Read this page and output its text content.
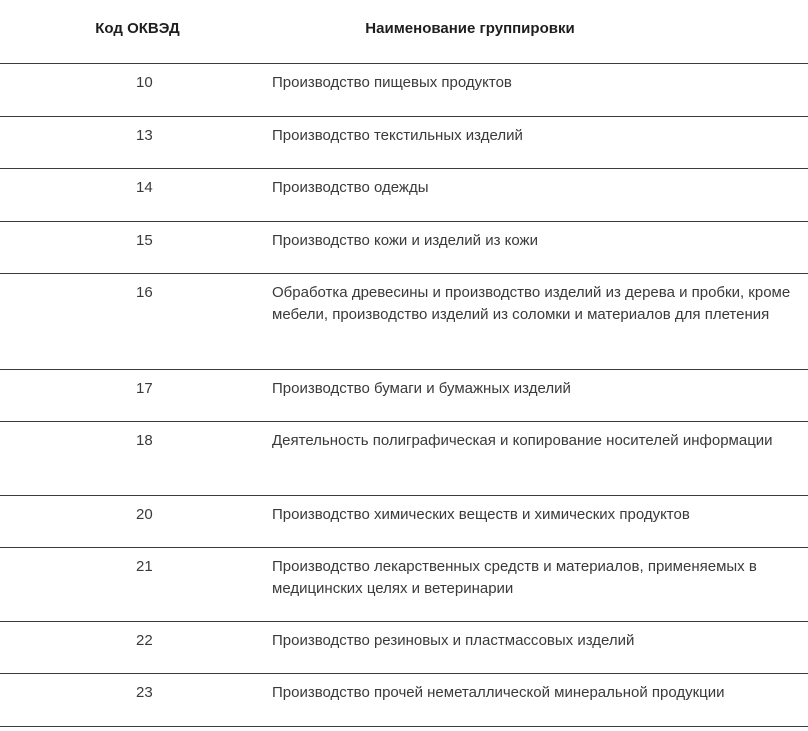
Код ОКВЭД	Наименование группировки
10	Производство пищевых продуктов
13	Производство текстильных изделий
14	Производство одежды
15	Производство кожи и изделий из кожи
16	Обработка древесины и производство изделий из дерева и пробки, кроме мебели, производство изделий из соломки и материалов для плетения
17	Производство бумаги и бумажных изделий
18	Деятельность полиграфическая и копирование носителей информации
20	Производство химических веществ и химических продуктов
21	Производство лекарственных средств и материалов, применяемых в медицинских целях и ветеринарии
22	Производство резиновых и пластмассовых изделий
23	Производство прочей неметаллической минеральной продукции
